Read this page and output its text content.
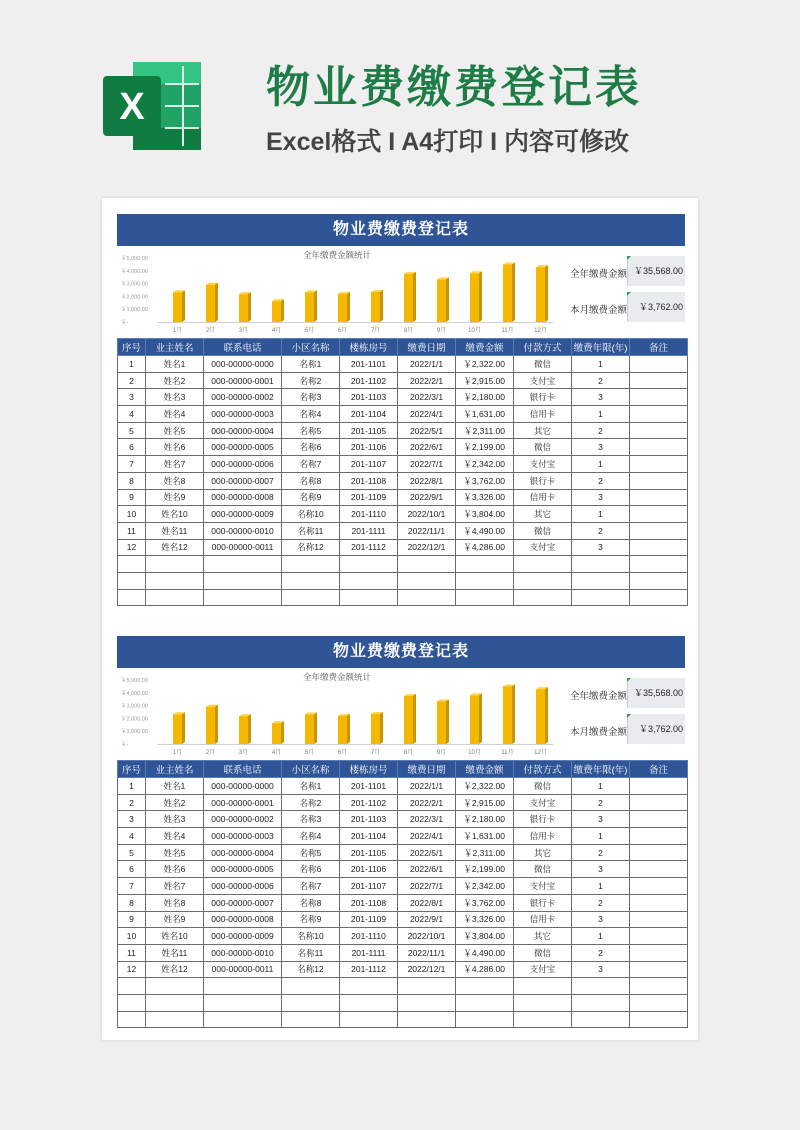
X	物业费缴费登记表
Excel格式 I A4打印 I 内容可修改
物业费缴费登记表
全年缴费金额统计
￥-
￥1,000.00
￥2,000.00
￥3,000.00
￥4,000.00
￥5,000.00
1月	2月	3月	4月	5月	6月	7月	8月	9月	10月	11月	12月
全年缴费金额 ￥35,568.00
本月缴费金额	￥3,762.00
序号	业主姓名	联系电话	小区名称	楼栋房号	缴费日期	缴费金额	付款方式	缴费年限(年)	备注
1	姓名1	000-00000-0000	名称1	201-1101	2022/1/1	￥2,322.00	微信	1	
2	姓名2	000-00000-0001	名称2	201-1102	2022/2/1	￥2,915.00	支付宝	2	
3	姓名3	000-00000-0002	名称3	201-1103	2022/3/1	￥2,180.00	银行卡	3	
4	姓名4	000-00000-0003	名称4	201-1104	2022/4/1	￥1,631.00	信用卡	1	
5	姓名5	000-00000-0004	名称5	201-1105	2022/5/1	￥2,311.00	其它	2	
6	姓名6	000-00000-0005	名称6	201-1106	2022/6/1	￥2,199.00	微信	3	
7	姓名7	000-00000-0006	名称7	201-1107	2022/7/1	￥2,342.00	支付宝	1	
8	姓名8	000-00000-0007	名称8	201-1108	2022/8/1	￥3,762.00	银行卡	2	
9	姓名9	000-00000-0008	名称9	201-1109	2022/9/1	￥3,326.00	信用卡	3	
10	姓名10	000-00000-0009	名称10	201-1110	2022/10/1	￥3,804.00	其它	1	
11	姓名11	000-00000-0010	名称11	201-1111	2022/11/1	￥4,490.00	微信	2	
12	姓名12	000-00000-0011	名称12	201-1112	2022/12/1	￥4,286.00	支付宝	3	

物业费缴费登记表
全年缴费金额统计
￥-
￥1,000.00
￥2,000.00
￥3,000.00
￥4,000.00
￥5,000.00
1月	2月	3月	4月	5月	6月	7月	8月	9月	10月	11月	12月
全年缴费金额 ￥35,568.00
本月缴费金额	￥3,762.00
序号	业主姓名	联系电话	小区名称	楼栋房号	缴费日期	缴费金额	付款方式	缴费年限(年)	备注
1	姓名1	000-00000-0000	名称1	201-1101	2022/1/1	￥2,322.00	微信	1	
2	姓名2	000-00000-0001	名称2	201-1102	2022/2/1	￥2,915.00	支付宝	2	
3	姓名3	000-00000-0002	名称3	201-1103	2022/3/1	￥2,180.00	银行卡	3	
4	姓名4	000-00000-0003	名称4	201-1104	2022/4/1	￥1,631.00	信用卡	1	
5	姓名5	000-00000-0004	名称5	201-1105	2022/5/1	￥2,311.00	其它	2	
6	姓名6	000-00000-0005	名称6	201-1106	2022/6/1	￥2,199.00	微信	3	
7	姓名7	000-00000-0006	名称7	201-1107	2022/7/1	￥2,342.00	支付宝	1	
8	姓名8	000-00000-0007	名称8	201-1108	2022/8/1	￥3,762.00	银行卡	2	
9	姓名9	000-00000-0008	名称9	201-1109	2022/9/1	￥3,326.00	信用卡	3	
10	姓名10	000-00000-0009	名称10	201-1110	2022/10/1	￥3,804.00	其它	1	
11	姓名11	000-00000-0010	名称11	201-1111	2022/11/1	￥4,490.00	微信	2	
12	姓名12	000-00000-0011	名称12	201-1112	2022/12/1	￥4,286.00	支付宝	3	
